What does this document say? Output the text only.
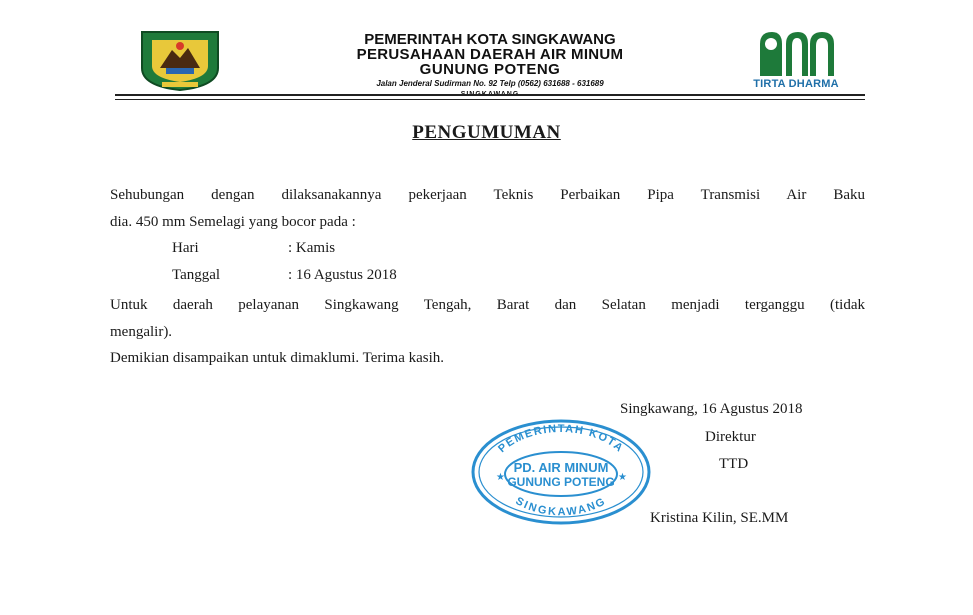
PEMERINTAH KOTA SINGKAWANG
PERUSAHAAN DAERAH AIR MINUM
GUNUNG POTENG
Jalan Jenderal Sudirman No. 92 Telp (0562) 631688 - 631689
SINGKAWANG
TIRTA DHARMA
PENGUMUMAN
Sehubungan dengan dilaksanakannya pekerjaan Teknis Perbaikan Pipa Transmisi Air Baku
dia. 450 mm Semelagi yang bocor pada :
Hari	: Kamis
Tanggal	: 16 Agustus 2018
Untuk daerah pelayanan Singkawang Tengah, Barat dan Selatan menjadi terganggu (tidak
mengalir).
Demikian disampaikan untuk dimaklumi. Terima kasih.
Singkawang, 16 Agustus 2018
Direktur
TTD
Kristina Kilin, SE.MM
PEMERINTAH KOTA
SINGKAWANG
PD. AIR MINUM
GUNUNG POTENG
★	★
